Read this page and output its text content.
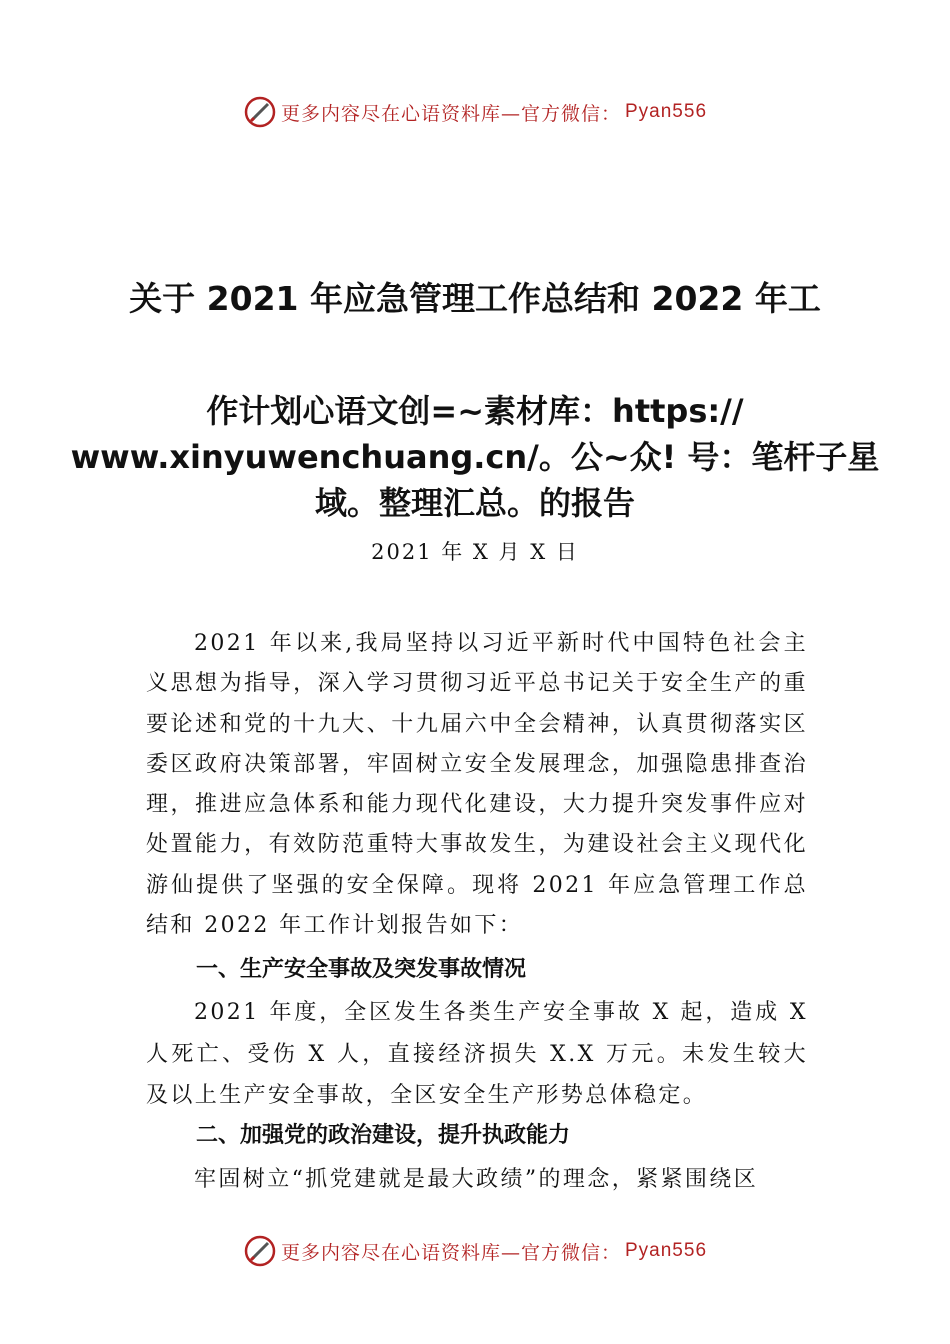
更多内容尽在心语资料库—官方微信： Pyan556
关于 2021 年应急管理工作总结和 2022 年工
作计划心语文创=~素材库：https:// www.xinyuwenchuang.cn/。公~众! 号：笔杆子星域。整理汇总。的报告
2021 年 X 月 X 日
2021 年以来,我局坚持以习近平新时代中国特色社会主义思想为指导，深入学习贯彻习近平总书记关于安全生产的重要论述和党的十九大、十九届六中全会精神，认真贯彻落实区委区政府决策部署，牢固树立安全发展理念，加强隐患排查治理，推进应急体系和能力现代化建设，大力提升突发事件应对处置能力，有效防范重特大事故发生，为建设社会主义现代化游仙提供了坚强的安全保障。现将 2021 年应急管理工作总结和 2022 年工作计划报告如下：
一、生产安全事故及突发事故情况
2021 年度，全区发生各类生产安全事故 X 起，造成 X 人死亡、受伤 X 人，直接经济损失 X.X 万元。未发生较大及以上生产安全事故，全区安全生产形势总体稳定。
二、加强党的政治建设，提升执政能力
牢固树立“抓党建就是最大政绩”的理念，紧紧围绕区
更多内容尽在心语资料库—官方微信： Pyan556
